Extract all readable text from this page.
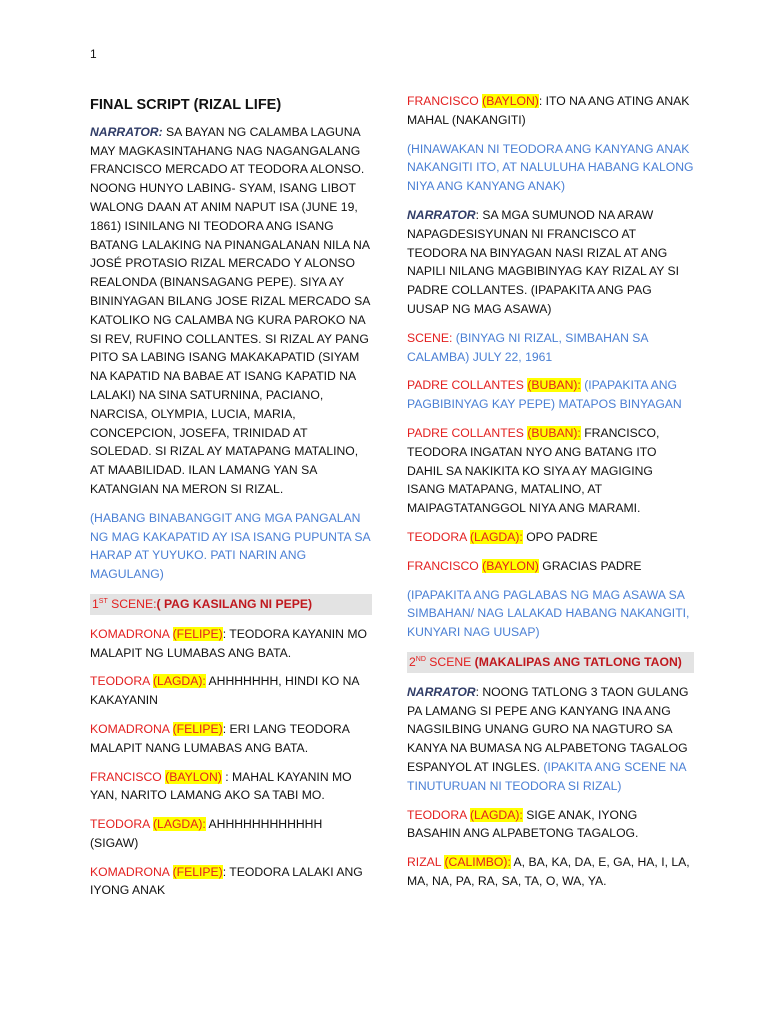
1
FINAL SCRIPT (RIZAL LIFE)

NARRATOR: SA BAYAN NG CALAMBA LAGUNA MAY MAGKASINTAHANG NAG NAGANGALANG FRANCISCO MERCADO AT TEODORA ALONSO. NOONG HUNYO LABING- SYAM, ISANG LIBOT WALONG DAAN AT ANIM NAPUT ISA (JUNE 19, 1861) ISINILANG NI TEODORA ANG ISANG BATANG LALAKING NA PINANGALANAN NILA NA JOSÉ PROTASIO RIZAL MERCADO Y ALONSO REALONDA (BINANSAGANG PEPE). SIYA AY BININYAGAN BILANG JOSE RIZAL MERCADO SA KATOLIKO NG CALAMBA NG KURA PAROKO NA SI REV, RUFINO COLLANTES. SI RIZAL AY PANG PITO SA LABING ISANG MAKAKAPATID (SIYAM NA KAPATID NA BABAE AT ISANG KAPATID NA LALAKI) NA SINA SATURNINA, PACIANO, NARCISA, OLYMPIA, LUCIA, MARIA, CONCEPCION, JOSEFA, TRINIDAD AT SOLEDAD. SI RIZAL AY MATAPANG MATALINO, AT MAABILIDAD. ILAN LAMANG YAN SA KATANGIAN NA MERON SI RIZAL.

(HABANG BINABANGGIT ANG MGA PANGALAN NG MAG KAKAPATID AY ISA ISANG PUPUNTA SA HARAP AT YUYUKO. PATI NARIN ANG MAGULANG)

1ST SCENE:( PAG KASILANG NI PEPE)

KOMADRONA (FELIPE): TEODORA KAYANIN MO MALAPIT NG LUMABAS ANG BATA.

TEODORA (LAGDA): AHHHHHHH, HINDI KO NA KAKAYANIN

KOMADRONA (FELIPE): ERI LANG TEODORA MALAPIT NANG LUMABAS ANG BATA.

FRANCISCO (BAYLON) : MAHAL KAYANIN MO YAN, NARITO LAMANG AKO SA TABI MO.

TEODORA (LAGDA): AHHHHHHHHHHHH (SIGAW)

KOMADRONA (FELIPE): TEODORA LALAKI ANG IYONG ANAK

FRANCISCO (BAYLON): ITO NA ANG ATING ANAK MAHAL (NAKANGITI)

(HINAWAKAN NI TEODORA ANG KANYANG ANAK NAKANGITI ITO, AT NALULUHA HABANG KALONG NIYA ANG KANYANG ANAK)

NARRATOR: SA MGA SUMUNOD NA ARAW NAPAGDESISYUNAN NI FRANCISCO AT TEODORA NA BINYAGAN NASI RIZAL AT ANG NAPILI NILANG MAGBIBINYAG KAY RIZAL AY SI PADRE COLLANTES. (IPAPAKITA ANG PAG UUSAP NG MAG ASAWA)

SCENE: (BINYAG NI RIZAL, SIMBAHAN SA CALAMBA) JULY 22, 1961

PADRE COLLANTES (BUBAN): (IPAPAKITA ANG PAGBIBINYAG KAY PEPE) MATAPOS BINYAGAN

PADRE COLLANTES (BUBAN): FRANCISCO, TEODORA INGATAN NYO ANG BATANG ITO DAHIL SA NAKIKITA KO SIYA AY MAGIGING ISANG MATAPANG, MATALINO, AT MAIPAGTATANGGOL NIYA ANG MARAMI.

TEODORA (LAGDA): OPO PADRE

FRANCISCO (BAYLON) GRACIAS PADRE

(IPAPAKITA ANG PAGLABAS NG MAG ASAWA SA SIMBAHAN/ NAG LALAKAD HABANG NAKANGITI, KUNYARI NAG UUSAP)

2ND SCENE (MAKALIPAS ANG TATLONG TAON)

NARRATOR: NOONG TATLONG 3 TAON GULANG PA LAMANG SI PEPE ANG KANYANG INA ANG NAGSILBING UNANG GURO NA NAGTURO SA KANYA NA BUMASA NG ALPABETONG TAGALOG ESPANYOL AT INGLES. (IPAKITA ANG SCENE NA TINUTURUAN NI TEODORA SI RIZAL)

TEODORA (LAGDA): SIGE ANAK, IYONG BASAHIN ANG ALPABETONG TAGALOG.

RIZAL (CALIMBO): A, BA, KA, DA, E, GA, HA, I, LA, MA, NA, PA, RA, SA, TA, O, WA, YA.
